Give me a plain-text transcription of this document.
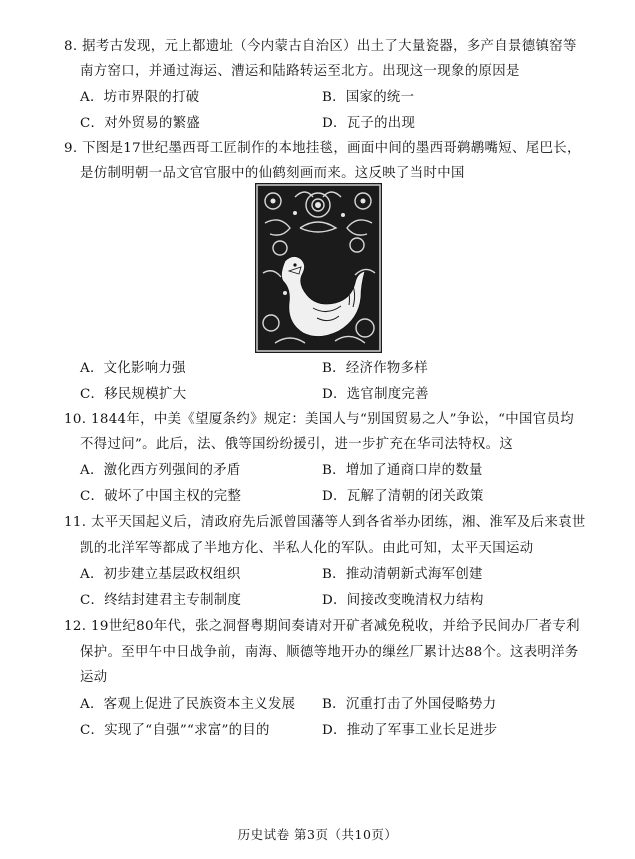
8. 据考古发现，元上都遗址（今内蒙古自治区）出土了大量瓷器，多产自景德镇窑等
南方窑口，并通过海运、漕运和陆路转运至北方。出现这一现象的原因是
A．坊市界限的打破	B．国家的统一
C．对外贸易的繁盛	D．瓦子的出现
9. 下图是17世纪墨西哥工匠制作的本地挂毯，画面中间的墨西哥鹈鹕嘴短、尾巴长，
是仿制明朝一品文官官服中的仙鹤刻画而来。这反映了当时中国
A．文化影响力强	B．经济作物多样
C．移民规模扩大	D．选官制度完善
10. 1844年，中美《望厦条约》规定：美国人与“别国贸易之人”争讼，“中国官员均
不得过问”。此后，法、俄等国纷纷援引，进一步扩充在华司法特权。这
A．激化西方列强间的矛盾	B．增加了通商口岸的数量
C．破坏了中国主权的完整	D．瓦解了清朝的闭关政策
11. 太平天国起义后，清政府先后派曾国藩等人到各省举办团练，湘、淮军及后来袁世
凯的北洋军等都成了半地方化、半私人化的军队。由此可知，太平天国运动
A．初步建立基层政权组织	B．推动清朝新式海军创建
C．终结封建君主专制制度	D．间接改变晚清权力结构
12. 19世纪80年代，张之洞督粤期间奏请对开矿者减免税收，并给予民间办厂者专利
保护。至甲午中日战争前，南海、顺德等地开办的缫丝厂累计达88个。这表明洋务
运动
A．客观上促进了民族资本主义发展 B．沉重打击了外国侵略势力
C．实现了“自强”“求富”的目的	D．推动了军事工业长足进步
历史试卷 第3页（共10页）
